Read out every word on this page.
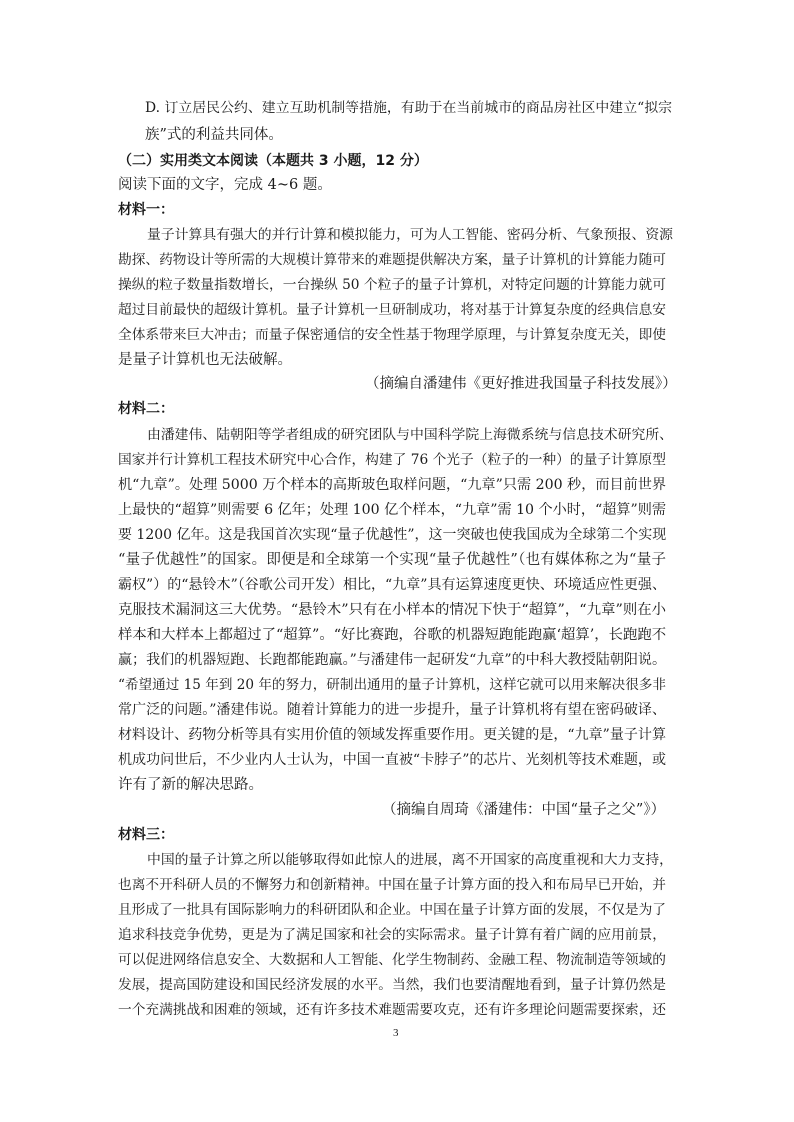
D. 订立居民公约、建立互助机制等措施，有助于在当前城市的商品房社区中建立“拟宗
族”式的利益共同体。
（二）实用类文本阅读（本题共 3 小题，12 分）
阅读下面的文字，完成 4~6 题。
材料一：
量子计算具有强大的并行计算和模拟能力，可为人工智能、密码分析、气象预报、资源
勘探、药物设计等所需的大规模计算带来的难题提供解决方案，量子计算机的计算能力随可
操纵的粒子数量指数增长，一台操纵 50 个粒子的量子计算机，对特定问题的计算能力就可
超过目前最快的超级计算机。量子计算机一旦研制成功，将对基于计算复杂度的经典信息安
全体系带来巨大冲击；而量子保密通信的安全性基于物理学原理，与计算复杂度无关，即使
是量子计算机也无法破解。
（摘编自潘建伟《更好推进我国量子科技发展》）
材料二：
由潘建伟、陆朝阳等学者组成的研究团队与中国科学院上海微系统与信息技术研究所、
国家并行计算机工程技术研究中心合作，构建了 76 个光子（粒子的一种）的量子计算原型
机“九章”。处理 5000 万个样本的高斯玻色取样问题，“九章”只需 200 秒，而目前世界
上最快的“超算”则需要 6 亿年；处理 100 亿个样本，“九章”需 10 个小时，“超算”则需
要 1200 亿年。这是我国首次实现“量子优越性”，这一突破也使我国成为全球第二个实现
“量子优越性”的国家。即便是和全球第一个实现“量子优越性”（也有媒体称之为“量子
霸权”）的“悬铃木”（谷歌公司开发）相比，“九章”具有运算速度更快、环境适应性更强、
克服技术漏洞这三大优势。“悬铃木”只有在小样本的情况下快于“超算”，“九章”则在小
样本和大样本上都超过了“超算”。“好比赛跑，谷歌的机器短跑能跑赢‘超算’，长跑跑不
赢；我们的机器短跑、长跑都能跑赢。”与潘建伟一起研发“九章”的中科大教授陆朝阳说。
“希望通过 15 年到 20 年的努力，研制出通用的量子计算机，这样它就可以用来解决很多非
常广泛的问题。”潘建伟说。随着计算能力的进一步提升，量子计算机将有望在密码破译、
材料设计、药物分析等具有实用价值的领域发挥重要作用。更关键的是，“九章”量子计算
机成功问世后，不少业内人士认为，中国一直被“卡脖子”的芯片、光刻机等技术难题，或
许有了新的解决思路。
（摘编自周琦《潘建伟：中国“量子之父”》）
材料三：
中国的量子计算之所以能够取得如此惊人的进展，离不开国家的高度重视和大力支持，
也离不开科研人员的不懈努力和创新精神。中国在量子计算方面的投入和布局早已开始，并
且形成了一批具有国际影响力的科研团队和企业。中国在量子计算方面的发展，不仅是为了
追求科技竞争优势，更是为了满足国家和社会的实际需求。量子计算有着广阔的应用前景，
可以促进网络信息安全、大数据和人工智能、化学生物制药、金融工程、物流制造等领域的
发展，提高国防建设和国民经济发展的水平。当然，我们也要清醒地看到，量子计算仍然是
一个充满挑战和困难的领域，还有许多技术难题需要攻克，还有许多理论问题需要探索，还
3
